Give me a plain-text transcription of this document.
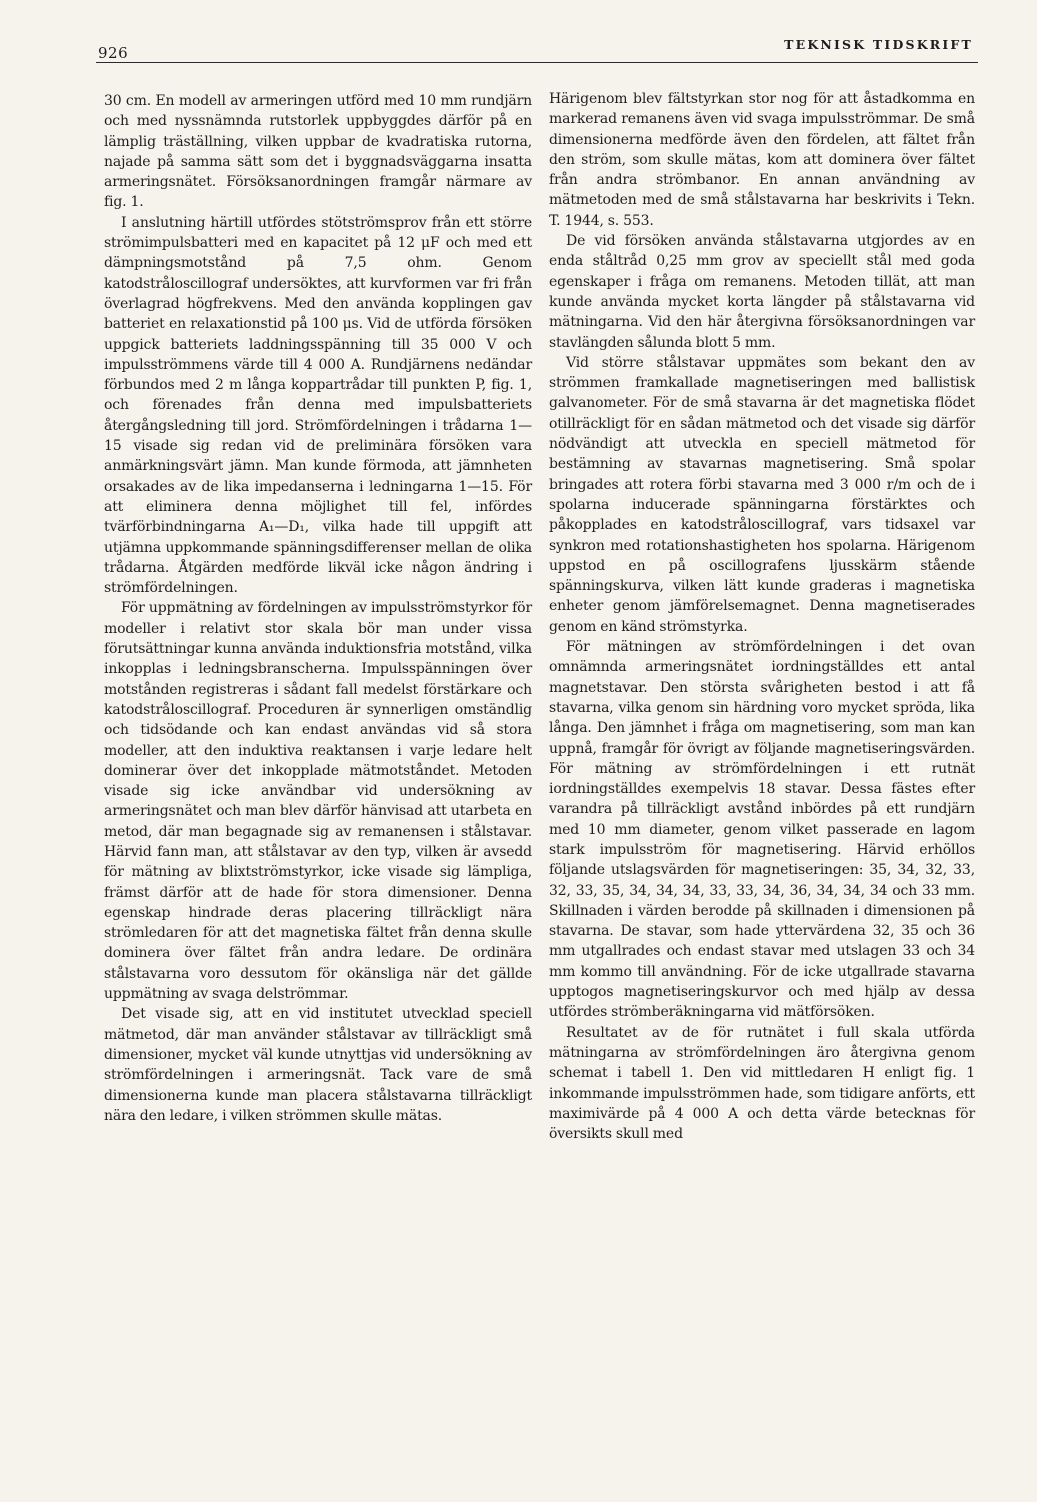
926	TEKNISK TIDSKRIFT

30 cm. En modell av armeringen utförd med 10 mm rundjärn och med nyssnämnda rutstorlek uppbyggdes därför på en lämplig träställning, vilken uppbar de kvadratiska rutorna, najade på samma sätt som det i byggnadsväggarna insatta armeringsnätet. Försöksanordningen framgår närmare av fig. 1.

I anslutning härtill utfördes stötströmsprov från ett större strömimpulsbatteri med en kapacitet på 12 μF och med ett dämpningsmotstånd på 7,5 ohm. Genom katodstråloscillograf undersöktes, att kurvformen var fri från överlagrad högfrekvens. Med den använda kopplingen gav batteriet en relaxationstid på 100 μs. Vid de utförda försöken uppgick batteriets laddningsspänning till 35 000 V och impulsströmmens värde till 4 000 A. Rundjärnens nedändar förbundos med 2 m långa koppartrådar till punkten P, fig. 1, och förenades från denna med impulsbatteriets återgångsledning till jord. Strömfördelningen i trådarna 1—15 visade sig redan vid de preliminära försöken vara anmärkningsvärt jämn. Man kunde förmoda, att jämnheten orsakades av de lika impedanserna i ledningarna 1—15. För att eliminera denna möjlighet till fel, infördes tvärförbindningarna A₁—D₁, vilka hade till uppgift att utjämna uppkommande spänningsdifferenser mellan de olika trådarna. Åtgärden medförde likväl icke någon ändring i strömfördelningen.

För uppmätning av fördelningen av impulsströmstyrkor för modeller i relativt stor skala bör man under vissa förutsättningar kunna använda induktionsfria motstånd, vilka inkopplas i ledningsbranscherna. Impulsspänningen över motstånden registreras i sådant fall medelst förstärkare och katodstråloscillograf. Proceduren är synnerligen omständlig och tidsödande och kan endast användas vid så stora modeller, att den induktiva reaktansen i varje ledare helt dominerar över det inkopplade mätmotståndet. Metoden visade sig icke användbar vid undersökning av armeringsnätet och man blev därför hänvisad att utarbeta en metod, där man begagnade sig av remanensen i stålstavar. Härvid fann man, att stålstavar av den typ, vilken är avsedd för mätning av blixtströmstyrkor, icke visade sig lämpliga, främst därför att de hade för stora dimensioner. Denna egenskap hindrade deras placering tillräckligt nära strömledaren för att det magnetiska fältet från denna skulle dominera över fältet från andra ledare. De ordinära stålstavarna voro dessutom för okänsliga när det gällde uppmätning av svaga delströmmar.

Det visade sig, att en vid institutet utvecklad speciell mätmetod, där man använder stålstavar av tillräckligt små dimensioner, mycket väl kunde utnyttjas vid undersökning av strömfördelningen i armeringsnät. Tack vare de små dimensionerna kunde man placera stålstavarna tillräckligt nära den ledare, i vilken strömmen skulle mätas.

Härigenom blev fältstyrkan stor nog för att åstadkomma en markerad remanens även vid svaga impulsströmmar. De små dimensionerna medförde även den fördelen, att fältet från den ström, som skulle mätas, kom att dominera över fältet från andra strömbanor. En annan användning av mätmetoden med de små stålstavarna har beskrivits i Tekn. T. 1944, s. 553.

De vid försöken använda stålstavarna utgjordes av en enda ståltråd 0,25 mm grov av speciellt stål med goda egenskaper i fråga om remanens. Metoden tillät, att man kunde använda mycket korta längder på stålstavarna vid mätningarna. Vid den här återgivna försöksanordningen var stavlängden sålunda blott 5 mm.

Vid större stålstavar uppmätes som bekant den av strömmen framkallade magnetiseringen med ballistisk galvanometer. För de små stavarna är det magnetiska flödet otillräckligt för en sådan mätmetod och det visade sig därför nödvändigt att utveckla en speciell mätmetod för bestämning av stavarnas magnetisering. Små spolar bringades att rotera förbi stavarna med 3 000 r/m och de i spolarna inducerade spänningarna förstärktes och påkopplades en katodstråloscillograf, vars tidsaxel var synkron med rotationshastigheten hos spolarna. Härigenom uppstod en på oscillografens ljusskärm stående spänningskurva, vilken lätt kunde graderas i magnetiska enheter genom jämförelsemagnet. Denna magnetiserades genom en känd strömstyrka.

För mätningen av strömfördelningen i det ovan omnämnda armeringsnätet iordningställdes ett antal magnetstavar. Den största svårigheten bestod i att få stavarna, vilka genom sin härdning voro mycket spröda, lika långa. Den jämnhet i fråga om magnetisering, som man kan uppnå, framgår för övrigt av följande magnetiseringsvärden. För mätning av strömfördelningen i ett rutnät iordningställdes exempelvis 18 stavar. Dessa fästes efter varandra på tillräckligt avstånd inbördes på ett rundjärn med 10 mm diameter, genom vilket passerade en lagom stark impulsström för magnetisering. Härvid erhöllos följande utslagsvärden för magnetiseringen: 35, 34, 32, 33, 32, 33, 35, 34, 34, 34, 33, 33, 34, 36, 34, 34, 34 och 33 mm. Skillnaden i värden berodde på skillnaden i dimensionen på stavarna. De stavar, som hade yttervärdena 32, 35 och 36 mm utgallrades och endast stavar med utslagen 33 och 34 mm kommo till användning. För de icke utgallrade stavarna upptogos magnetiseringskurvor och med hjälp av dessa utfördes strömberäkningarna vid mätförsöken.

Resultatet av de för rutnätet i full skala utförda mätningarna av strömfördelningen äro återgivna genom schemat i tabell 1. Den vid mittledaren H enligt fig. 1 inkommande impulsströmmen hade, som tidigare anförts, ett maximivärde på 4 000 A och detta värde betecknas för översikts skull med
